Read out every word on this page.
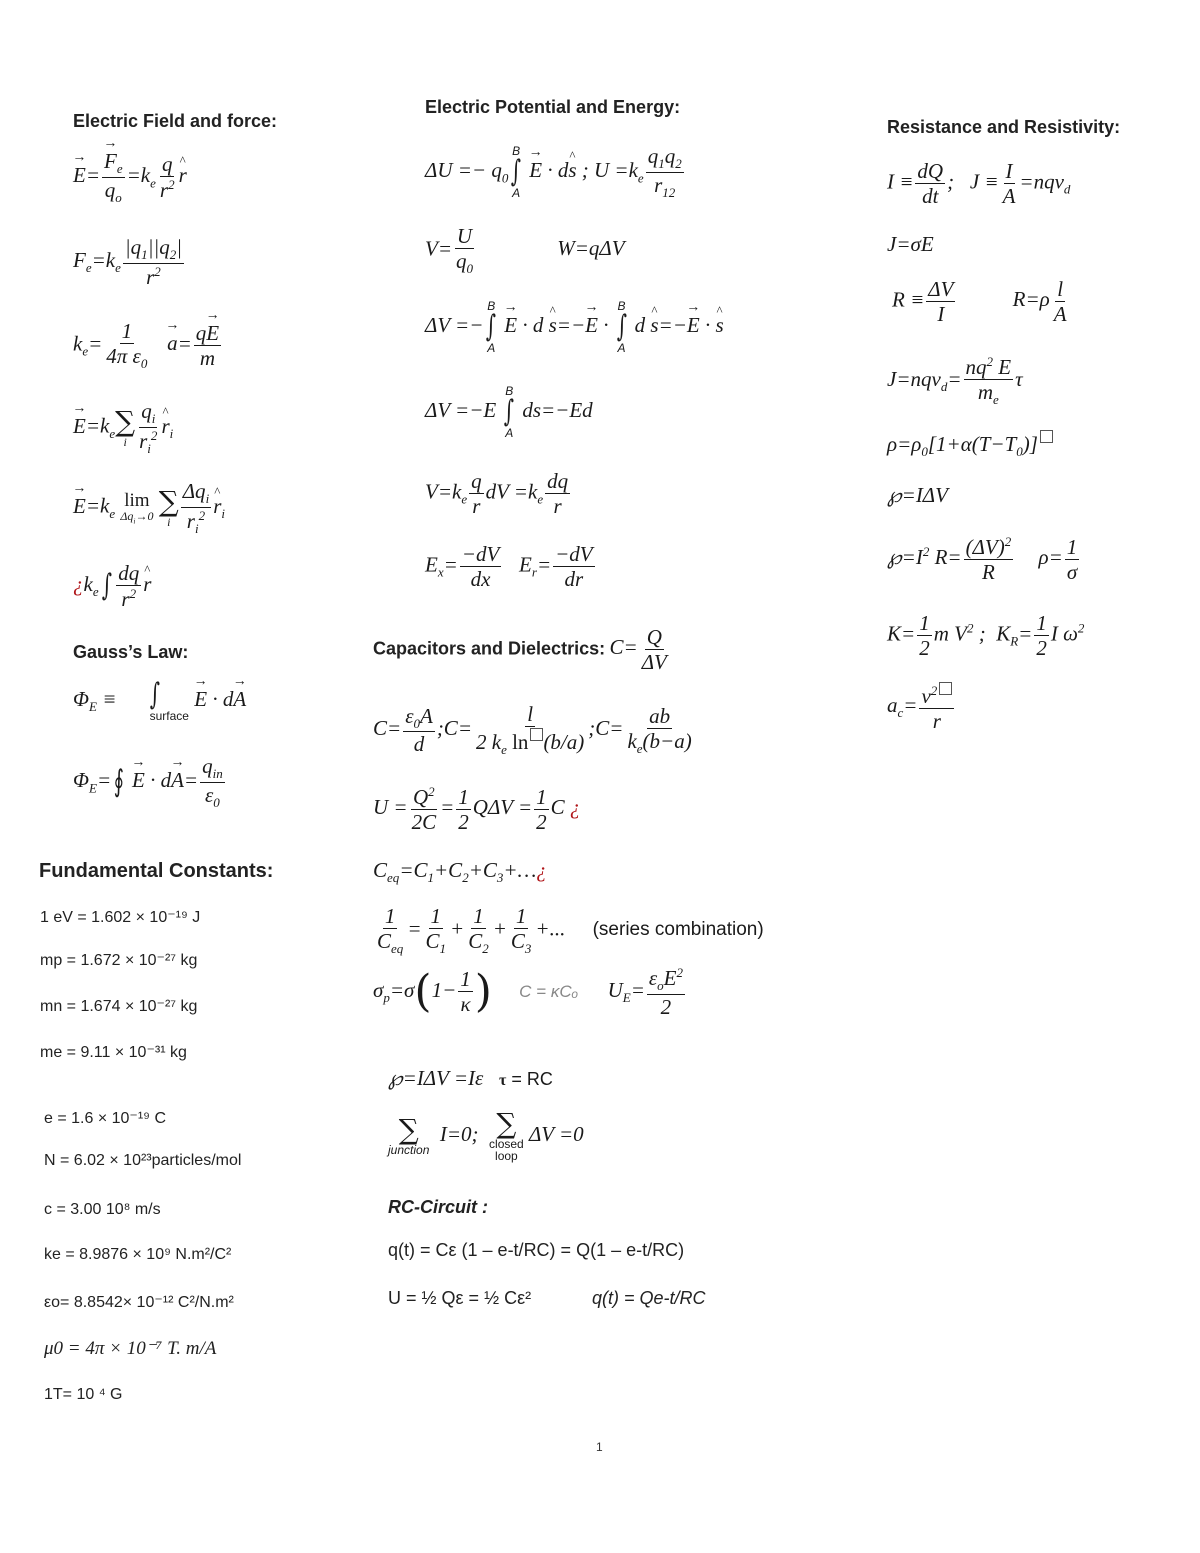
Electric Field and force:
→ E=
→ $\frac{F_e}{q_o} =k_e \frac{q}{r^2}$
^ r
$F_e=k_e \frac{|q_1||q_2|}{r^2}$
$k_e= \frac{1}{4\pi \varepsilon_0}$
→ $a= \frac{q\to E}{m}$
→ $E=k_e$ ∑
i $\frac{q_i}{r_i^2}$
^ $r_i$
→ $E=k_e$
lim
$\Delta q_i\to 0$
∑
i $\frac{\Delta q_i}{r_i^2}$
^ $r_i$
¿$k_e\int \frac{dq}{r^2}$
^ r
Gauss’s Law:
$\Phi_E$ ≡ ∫
surface
→ E · d→ A
$\Phi_E=∮ \to E \cdot d\to A= \frac{q_{in}}{\varepsilon_0}$
Fundamental Constants:
1 eV = 1.602 × 10⁻¹⁹ J
mp = 1.672 × 10⁻²⁷ kg
mn = 1.674 × 10⁻²⁷ kg
me = 9.11 × 10⁻³¹ kg
e = 1.6 × 10⁻¹⁹ C
N = 6.02 × 10²³particles/mol
c = 3.00 10⁸ m/s
ke = 8.9876 × 10⁹ N.m²/C²
εo= 8.8542× 10⁻¹² C²/N.m²
μ0 = 4π × 10⁻⁷ T. m/A
1T= 10 ⁴ G
Electric Potential and Energy:
$\Delta U =- q_0$
B
∫
A
→ E · d^ s ; $U =k_e \frac{q_1q_2}{r_{12}}$
$V= \frac{U}{q_0}$	W=qΔV
ΔV =−
B
∫
A
→ E · d ^ s=−→ E ·
B
∫
A
d ^ s=−→ E · ^ s
ΔV =−E
B
∫
A
ds=−Ed
$V=k_e \frac{q}{r}$ dV $=k_e \frac{dq}{r}$
$E_x= \frac{-dV}{dx} E_r= \frac{-dV}{dr}$
Capacitors and Dielectrics: $C= \frac{Q}{\Delta V}$
$C= \frac{\varepsilon_0A}{d}$ ;C= $\frac{l}{2 k_e \ln (b/a)}$ ;C= $\frac{ab}{k_e(b-a)}$
$U = \frac{Q^2}{2C} = \frac{1}{2}$ $Q\Delta V = \frac{1}{2}$ C ¿
$C_{eq}=C_1+C_2+C_3+\dots¿$
$\frac{1}{C_{eq}} = \frac{1}{C_1} + \frac{1}{C_2} + \frac{1}{C_3}$ +... (series combination)
$\sigma_p=\sigma(1- \frac{1}{\kappa}$ ) C = κCₒ $U_E= \frac{\varepsilon_oE^2}{2}$
℘=IΔV =Iε   τ = RC
∑
junction
I=0; ∑
closed
loop
ΔV =0
RC-Circuit :
q(t) = Cε (1 – e-t/RC) = Q(1 – e-t/RC)
U = ½ Qε = ½ Cε²	q(t) = Qe-t/RC
Resistance and Resistivity:
$I \equiv \frac{dQ}{dt}$ ;   $J \equiv \frac{I}{A} =nqv_d$
J=σE
$R \equiv \frac{\Delta V}{I}$	$R=\rho \frac{l}{A}$
$J=nqv_d= \frac{nq^2 E}{m_e}$ τ
$\rho=\rho_0[1+\alpha(T-T_0)]$
℘=IΔV
$℘=I^2$ $R= \frac{(\Delta V)^2}{R} \rho= \frac{1}{\sigma}$
$K= \frac{1}{2}$ m $V^2$ ;  $K_R= \frac{1}{2}$ I $\omega^2$
$a_c= \frac{v^2}{r}$
1
